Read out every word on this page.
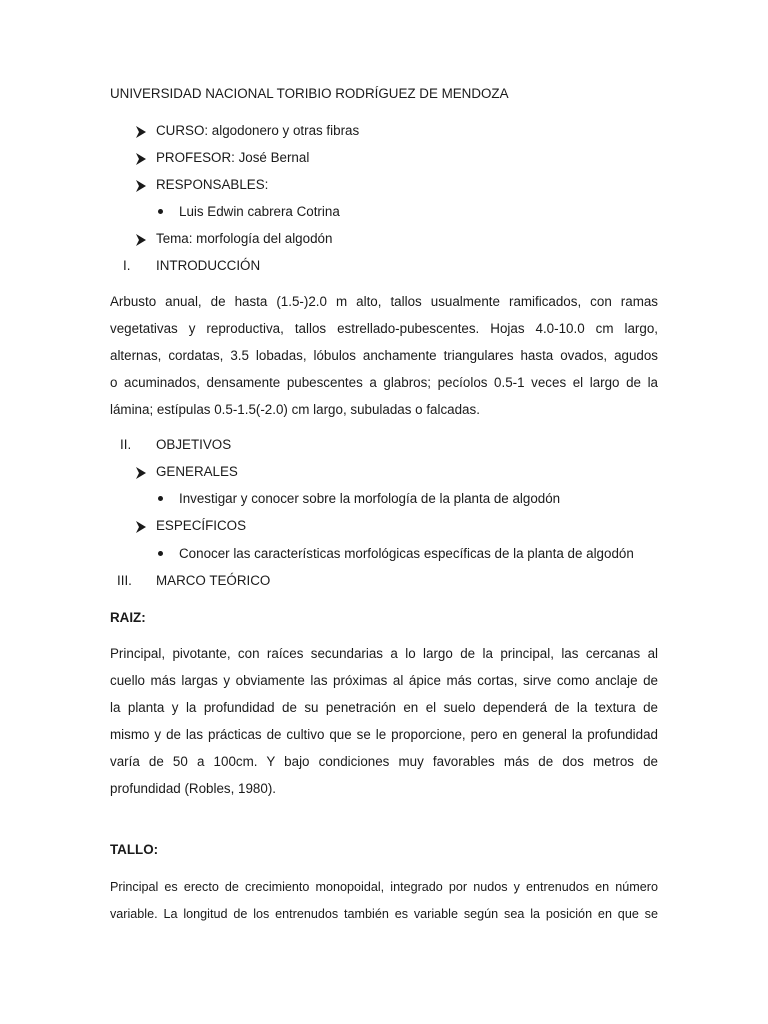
UNIVERSIDAD NACIONAL TORIBIO RODRÍGUEZ DE MENDOZA
CURSO: algodonero y otras fibras
PROFESOR: José Bernal
RESPONSABLES:
Luis Edwin cabrera Cotrina
Tema: morfología del algodón
I. INTRODUCCIÓN
Arbusto anual, de hasta (1.5-)2.0 m alto, tallos usualmente ramificados, con ramas
vegetativas y reproductiva, tallos estrellado-pubescentes. Hojas 4.0-10.0 cm largo,
alternas, cordatas, 3.5 lobadas, lóbulos anchamente triangulares hasta ovados, agudos
o acuminados, densamente pubescentes a glabros; pecíolos 0.5-1 veces el largo de la
lámina; estípulas 0.5-1.5(-2.0) cm largo, subuladas o falcadas.
II. OBJETIVOS
GENERALES
Investigar y conocer sobre la morfología de la planta de algodón
ESPECÍFICOS
Conocer las características morfológicas específicas de la planta de algodón
III. MARCO TEÓRICO
RAIZ:
Principal, pivotante, con raíces secundarias a lo largo de la principal, las cercanas al
cuello más largas y obviamente las próximas al ápice más cortas, sirve como anclaje de
la planta y la profundidad de su penetración en el suelo dependerá de la textura de
mismo y de las prácticas de cultivo que se le proporcione, pero en general la profundidad
varía de 50 a 100cm. Y bajo condiciones muy favorables más de dos metros de
profundidad (Robles, 1980).
TALLO:
Principal es erecto de crecimiento monopoidal, integrado por nudos y entrenudos en número
variable. La longitud de los entrenudos también es variable según sea la posición en que se
